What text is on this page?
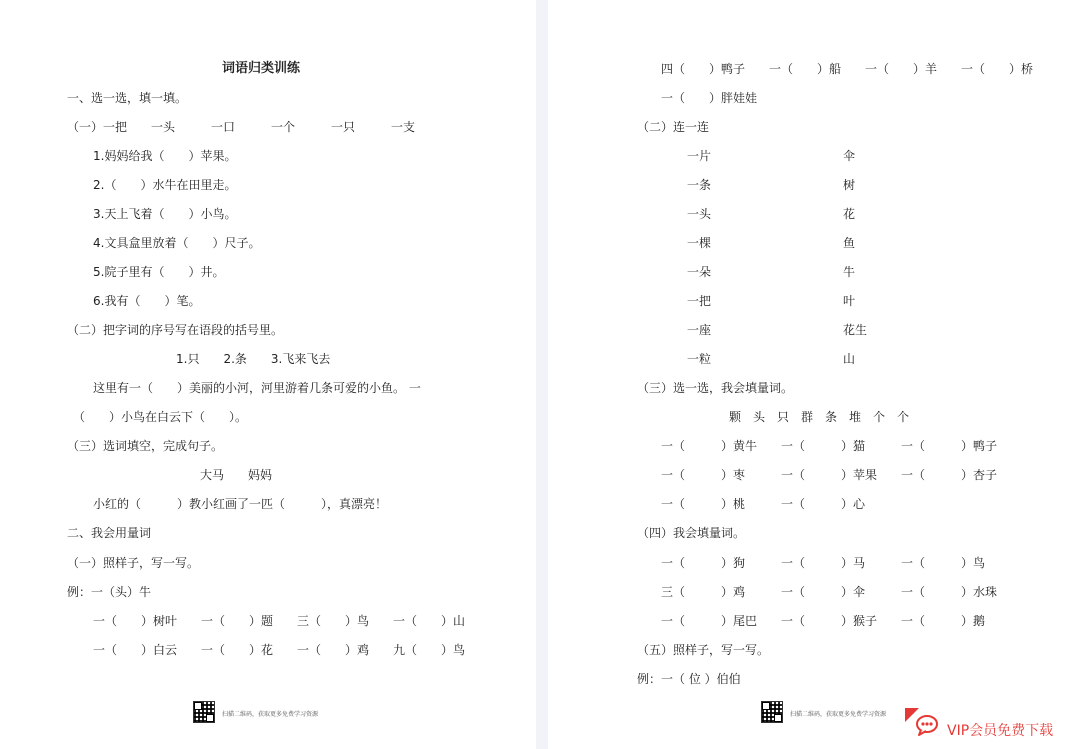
词语归类训练
一、选一选，填一填。
（一）一把　　一头　　　一口　　　一个　　　一只　　　一支
1.妈妈给我（　　）苹果。
2.（　　）水牛在田里走。
3.天上飞着（　　）小鸟。
4.文具盒里放着（　　）尺子。
5.院子里有（　　）井。
6.我有（　　）笔。
（二）把字词的序号写在语段的括号里。
1.只　　2.条　　3.飞来飞去
这里有一（　　）美丽的小河，河里游着几条可爱的小鱼。 一
（　　）小鸟在白云下（　　）。
（三）选词填空，完成句子。
大马　　妈妈
小红的（　　　）教小红画了一匹（　　　），真漂亮！
二、我会用量词
（一）照样子，写一写。
例：一（头）牛
一（　　）树叶　　一（　　）题　　三（　　）鸟　　一（　　）山
一（　　）白云　　一（　　）花　　一（　　）鸡　　九（　　）鸟
扫描二维码，获取更多免费学习资源
四（　　）鸭子　　一（　　）船　　一（　　）羊　　一（　　）桥
一（　　）胖娃娃
（二）连一连
一片
一条
一头
一棵
一朵
一把
一座
一粒
伞
树
花
鱼
牛
叶
花生
山
（三）选一选，我会填量词。
颗　头　只　群　条　堆　个　个
一（　　　）黄牛　　一（　　　）猫　　　一（　　　）鸭子
一（　　　）枣　　　一（　　　）苹果　　一（　　　）杏子
一（　　　）桃　　　一（　　　）心
（四）我会填量词。
一（　　　）狗　　　一（　　　）马　　　一（　　　）鸟
三（　　　）鸡　　　一（　　　）伞　　　一（　　　）水珠
一（　　　）尾巴　　一（　　　）猴子　　一（　　　）鹅
（五）照样子，写一写。
例：一（ 位 ）伯伯
扫描二维码，获取更多免费学习资源
VIP会员免费下载
